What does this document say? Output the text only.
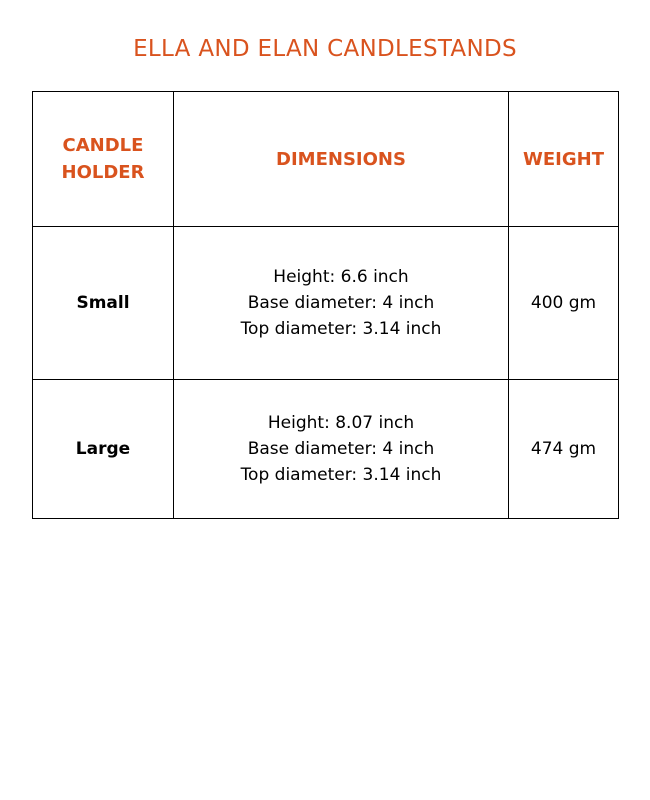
ELLA AND ELAN CANDLESTANDS
CANDLE
HOLDER	DIMENSIONS	WEIGHT
Small	Height: 6.6 inch
Base diameter: 4 inch
Top diameter: 3.14 inch	400 gm
Large	Height: 8.07 inch
Base diameter: 4 inch
Top diameter: 3.14 inch	474 gm
